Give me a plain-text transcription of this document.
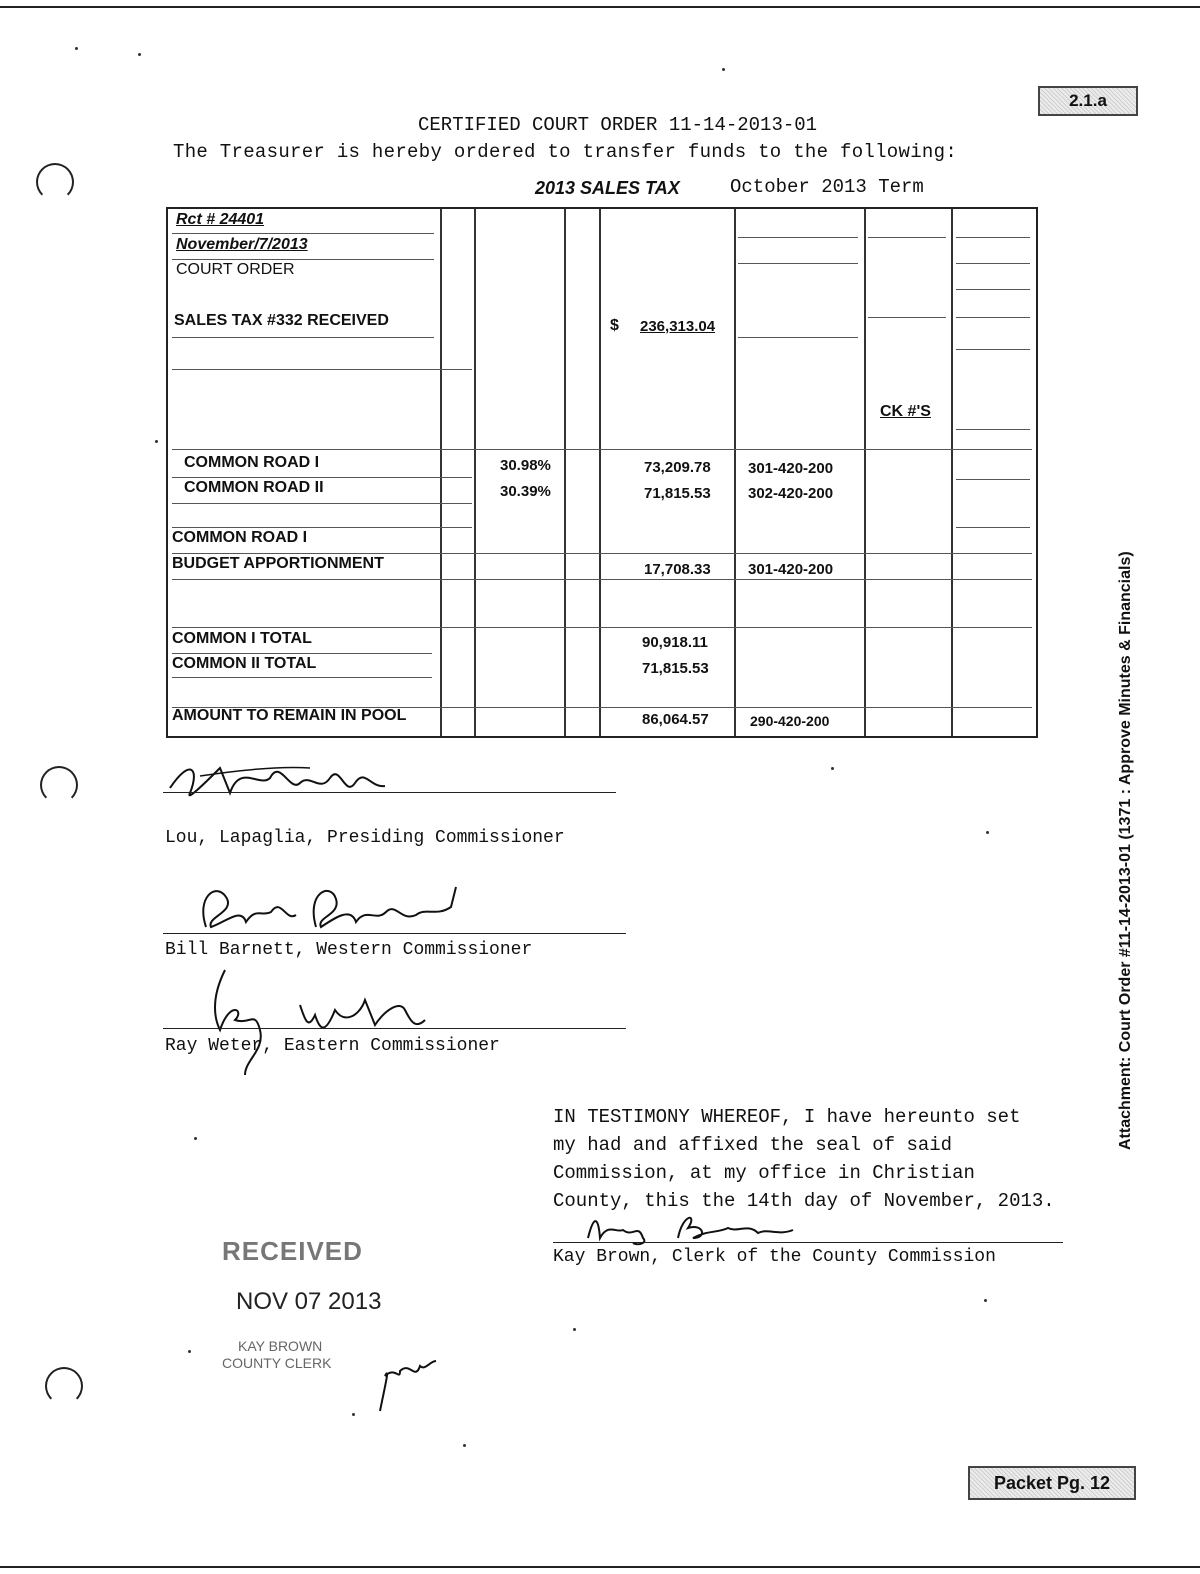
2.1.a
Packet Pg. 12
CERTIFIED COURT ORDER 11-14-2013-01
The Treasurer is hereby ordered to transfer funds to the following:
2013 SALES TAX	October 2013 Term
Rct # 24401
November/7/2013
COURT ORDER
SALES TAX #332 RECEIVED	$ 236,313.04
CK #'S
COMMON ROAD I	30.98%	73,209.78 301-420-200
COMMON ROAD II	30.39%	71,815.53 302-420-200
COMMON ROAD I
BUDGET APPORTIONMENT	17,708.33 301-420-200
COMMON I TOTAL	90,918.11
COMMON II TOTAL	71,815.53
AMOUNT TO REMAIN IN POOL	86,064.57	290-420-200
Lou, Lapaglia, Presiding Commissioner
Bill Barnett, Western Commissioner
Ray Weter, Eastern Commissioner
IN TESTIMONY WHEREOF, I have hereunto set
my had and affixed the seal of said
Commission, at my office in Christian
County, this the 14th day of November, 2013.
Kay Brown, Clerk of the County Commission
RECEIVED
NOV 07 2013
KAY BROWN
COUNTY CLERK
Attachment: Court Order #11-14-2013-01 (1371 : Approve Minutes & Financials)
